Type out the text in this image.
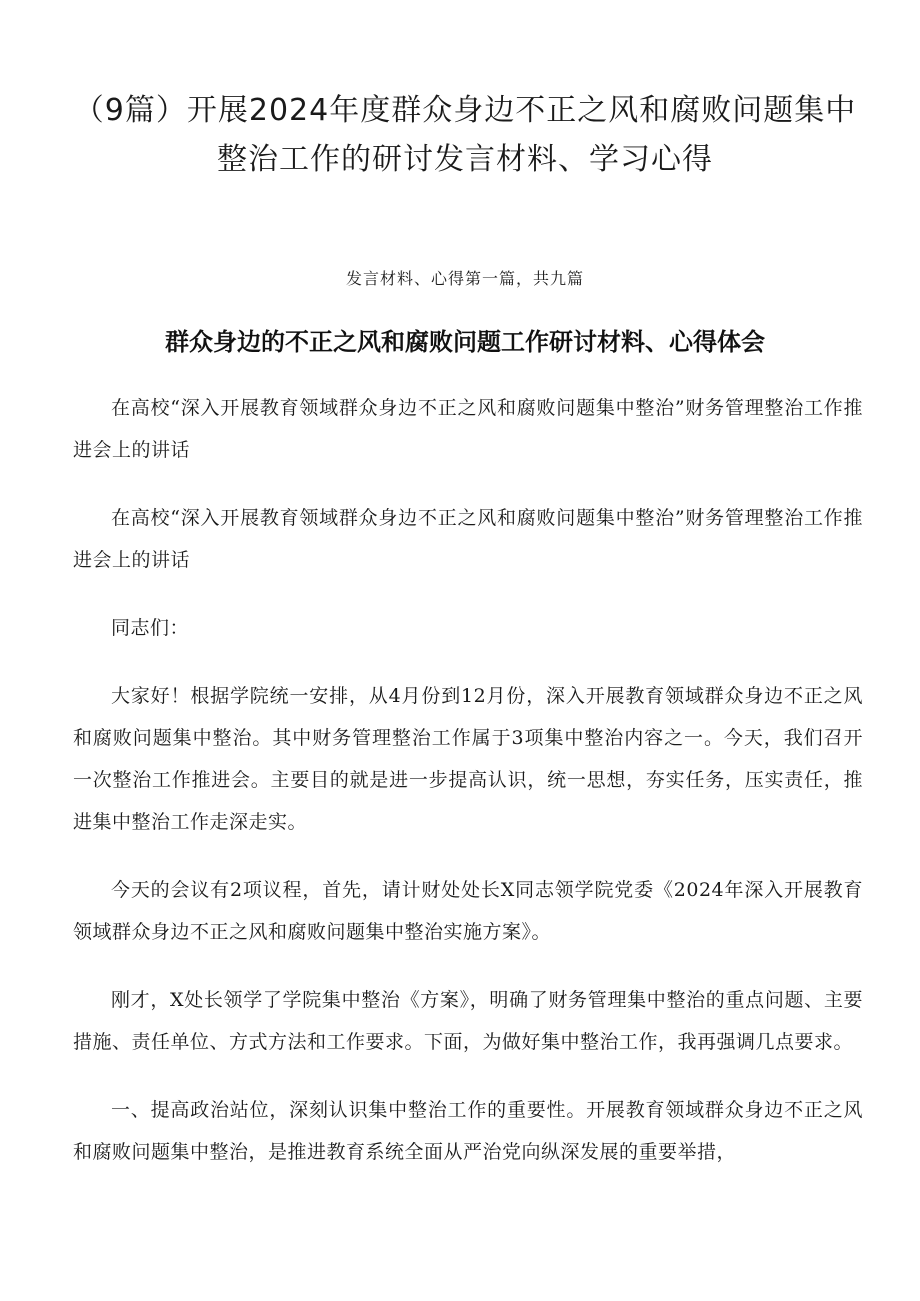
（9篇）开展2024年度群众身边不正之风和腐败问题集中整治工作的研讨发言材料、学习心得
发言材料、心得第一篇，共九篇
群众身边的不正之风和腐败问题工作研讨材料、心得体会

在高校“深入开展教育领域群众身边不正之风和腐败问题集中整治”财务管理整治工作推进会上的讲话

在高校“深入开展教育领域群众身边不正之风和腐败问题集中整治”财务管理整治工作推进会上的讲话

同志们：

大家好！根据学院统一安排，从4月份到12月份，深入开展教育领域群众身边不正之风和腐败问题集中整治。其中财务管理整治工作属于3项集中整治内容之一。今天，我们召开一次整治工作推进会。主要目的就是进一步提高认识，统一思想，夯实任务，压实责任，推进集中整治工作走深走实。

今天的会议有2项议程，首先，请计财处处长X同志领学院党委《2024年深入开展教育领域群众身边不正之风和腐败问题集中整治实施方案》。

刚才，X处长领学了学院集中整治《方案》，明确了财务管理集中整治的重点问题、主要措施、责任单位、方式方法和工作要求。下面，为做好集中整治工作，我再强调几点要求。

一、提高政治站位，深刻认识集中整治工作的重要性。开展教育领域群众身边不正之风和腐败问题集中整治，是推进教育系统全面从严治党向纵深发展的重要举措，
